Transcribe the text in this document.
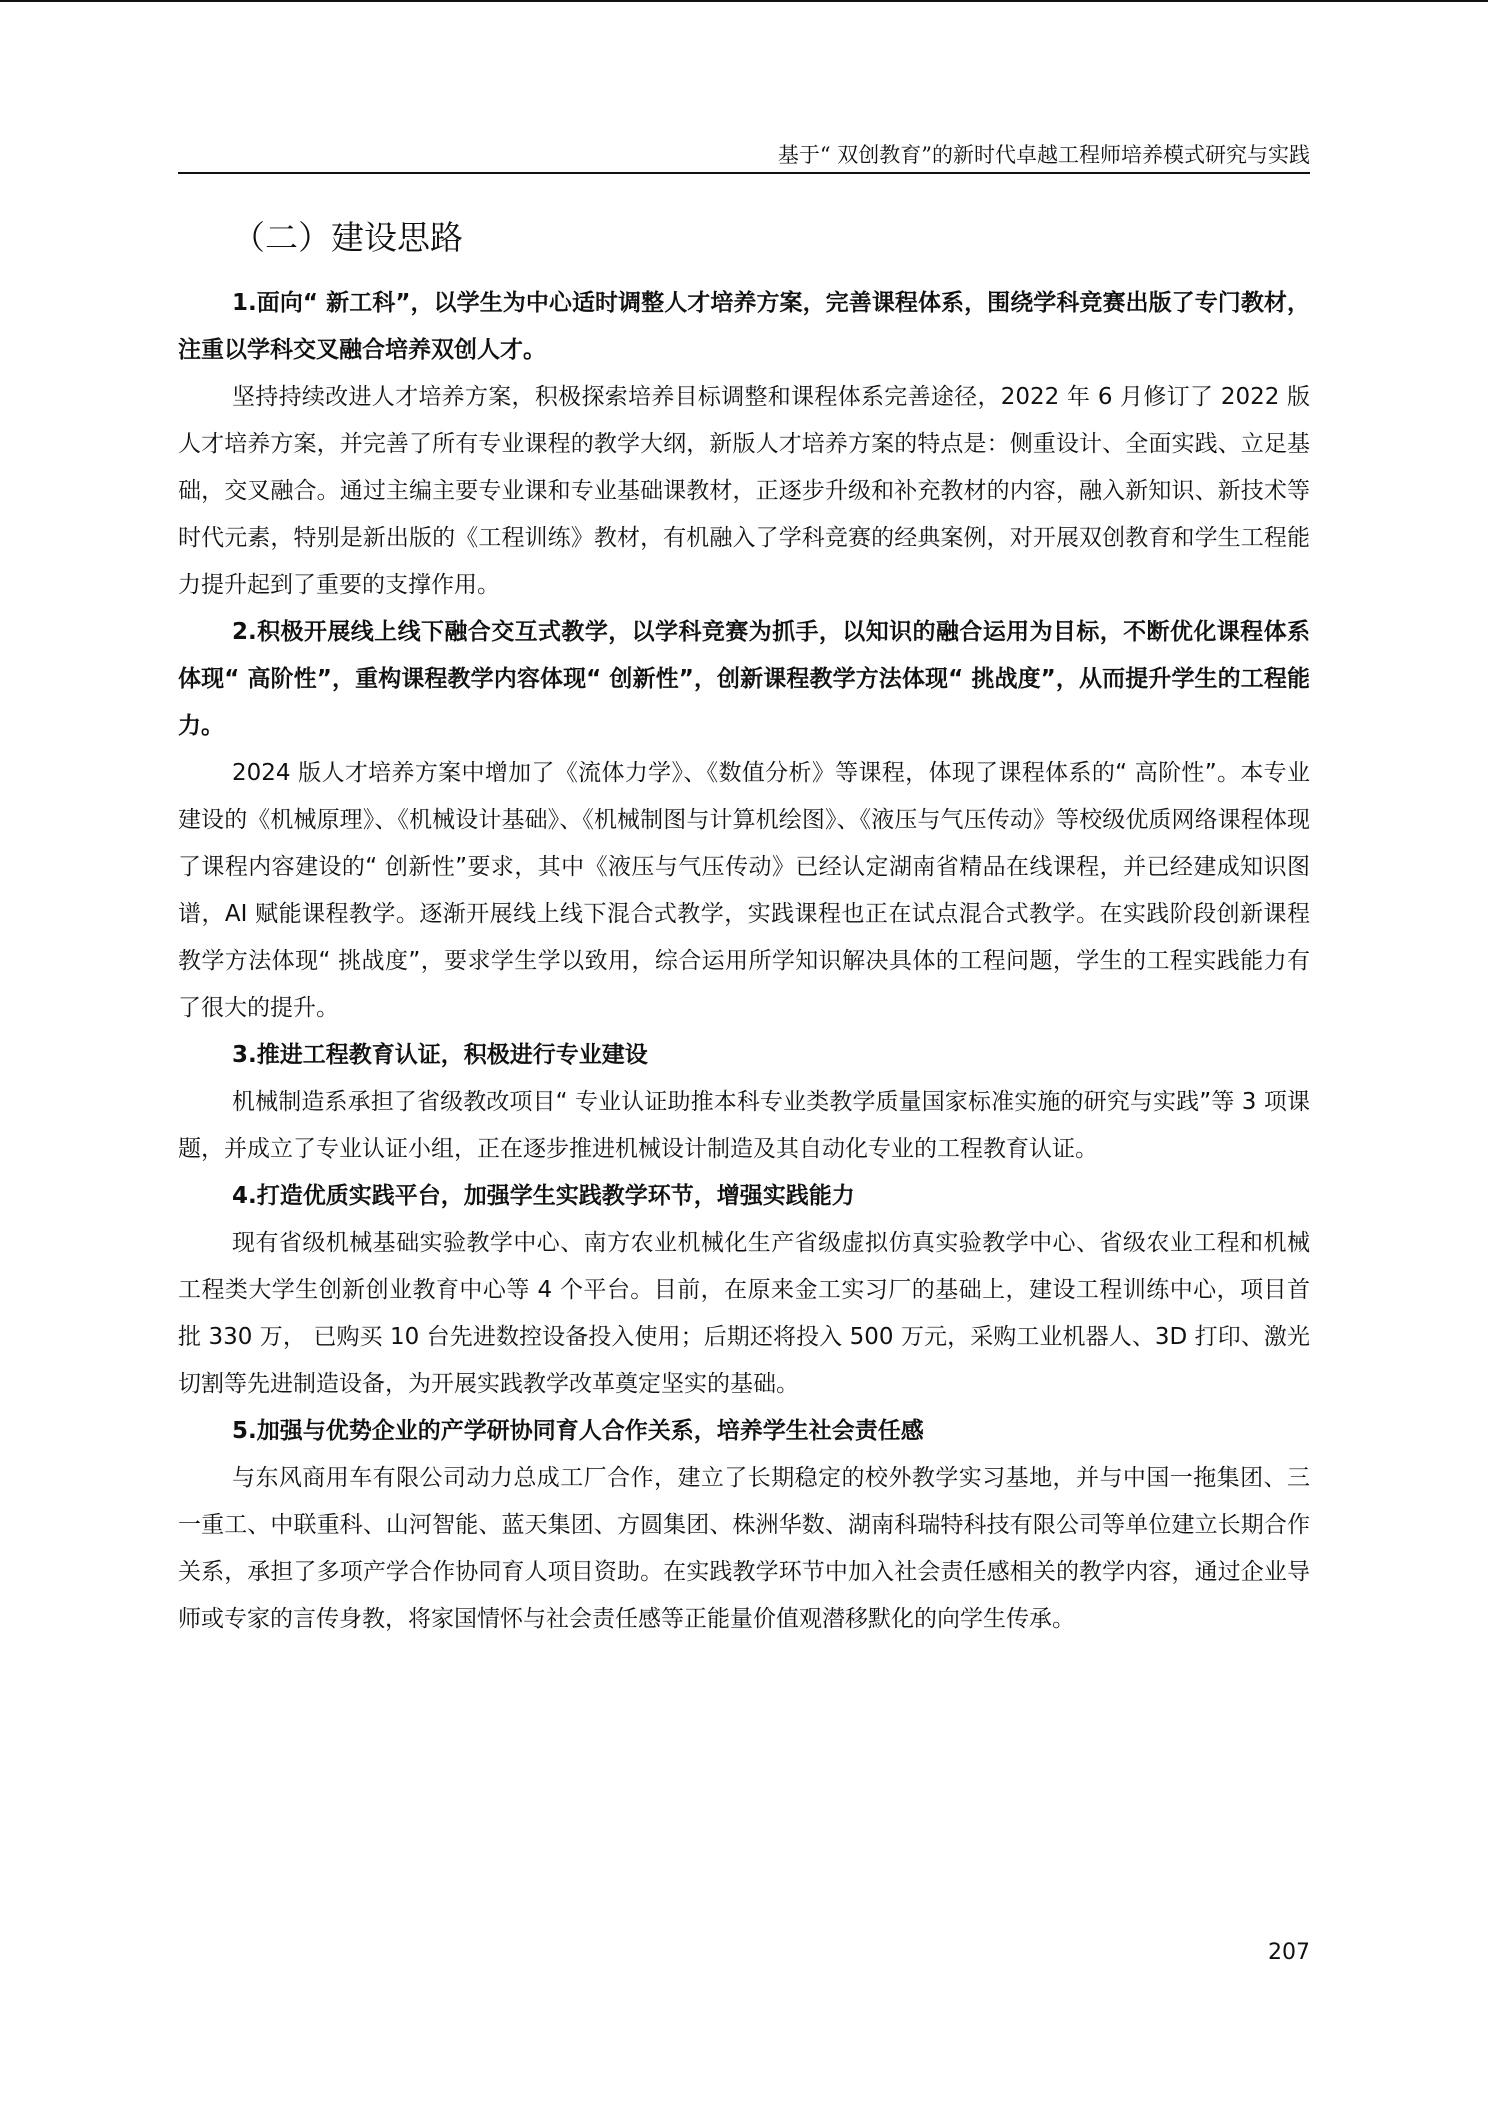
基于“ 双创教育”的新时代卓越工程师培养模式研究与实践
（二）建设思路

1.面向“ 新工科”，以学生为中心适时调整人才培养方案，完善课程体系，围绕学科竞赛出版了专门教材，注重以学科交叉融合培养双创人才。

坚持持续改进人才培养方案，积极探索培养目标调整和课程体系完善途径，2022 年 6 月修订了 2022 版人才培养方案，并完善了所有专业课程的教学大纲，新版人才培养方案的特点是：侧重设计、全面实践、立足基础，交叉融合。通过主编主要专业课和专业基础课教材，正逐步升级和补充教材的内容，融入新知识、新技术等时代元素，特别是新出版的《工程训练》教材，有机融入了学科竞赛的经典案例，对开展双创教育和学生工程能力提升起到了重要的支撑作用。

2.积极开展线上线下融合交互式教学，以学科竞赛为抓手，以知识的融合运用为目标，不断优化课程体系体现“ 高阶性”，重构课程教学内容体现“ 创新性”，创新课程教学方法体现“ 挑战度”，从而提升学生的工程能力。

2024 版人才培养方案中增加了《流体力学》、《数值分析》等课程，体现了课程体系的“ 高阶性”。本专业建设的《机械原理》、《机械设计基础》、《机械制图与计算机绘图》、《液压与气压传动》等校级优质网络课程体现了课程内容建设的“ 创新性”要求，其中《液压与气压传动》已经认定湖南省精品在线课程，并已经建成知识图谱，AI 赋能课程教学。逐渐开展线上线下混合式教学，实践课程也正在试点混合式教学。在实践阶段创新课程教学方法体现“ 挑战度”，要求学生学以致用，综合运用所学知识解决具体的工程问题，学生的工程实践能力有了很大的提升。

3.推进工程教育认证，积极进行专业建设

机械制造系承担了省级教改项目“ 专业认证助推本科专业类教学质量国家标准实施的研究与实践”等 3 项课题，并成立了专业认证小组，正在逐步推进机械设计制造及其自动化专业的工程教育认证。

4.打造优质实践平台，加强学生实践教学环节，增强实践能力

现有省级机械基础实验教学中心、南方农业机械化生产省级虚拟仿真实验教学中心、省级农业工程和机械工程类大学生创新创业教育中心等 4 个平台。目前，在原来金工实习厂的基础上，建设工程训练中心，项目首批 330 万， 已购买 10 台先进数控设备投入使用；后期还将投入 500 万元，采购工业机器人、3D 打印、激光切割等先进制造设备，为开展实践教学改革奠定坚实的基础。

5.加强与优势企业的产学研协同育人合作关系，培养学生社会责任感

与东风商用车有限公司动力总成工厂合作，建立了长期稳定的校外教学实习基地，并与中国一拖集团、三一重工、中联重科、山河智能、蓝天集团、方圆集团、株洲华数、湖南科瑞特科技有限公司等单位建立长期合作关系，承担了多项产学合作协同育人项目资助。在实践教学环节中加入社会责任感相关的教学内容，通过企业导师或专家的言传身教，将家国情怀与社会责任感等正能量价值观潜移默化的向学生传承。

207
